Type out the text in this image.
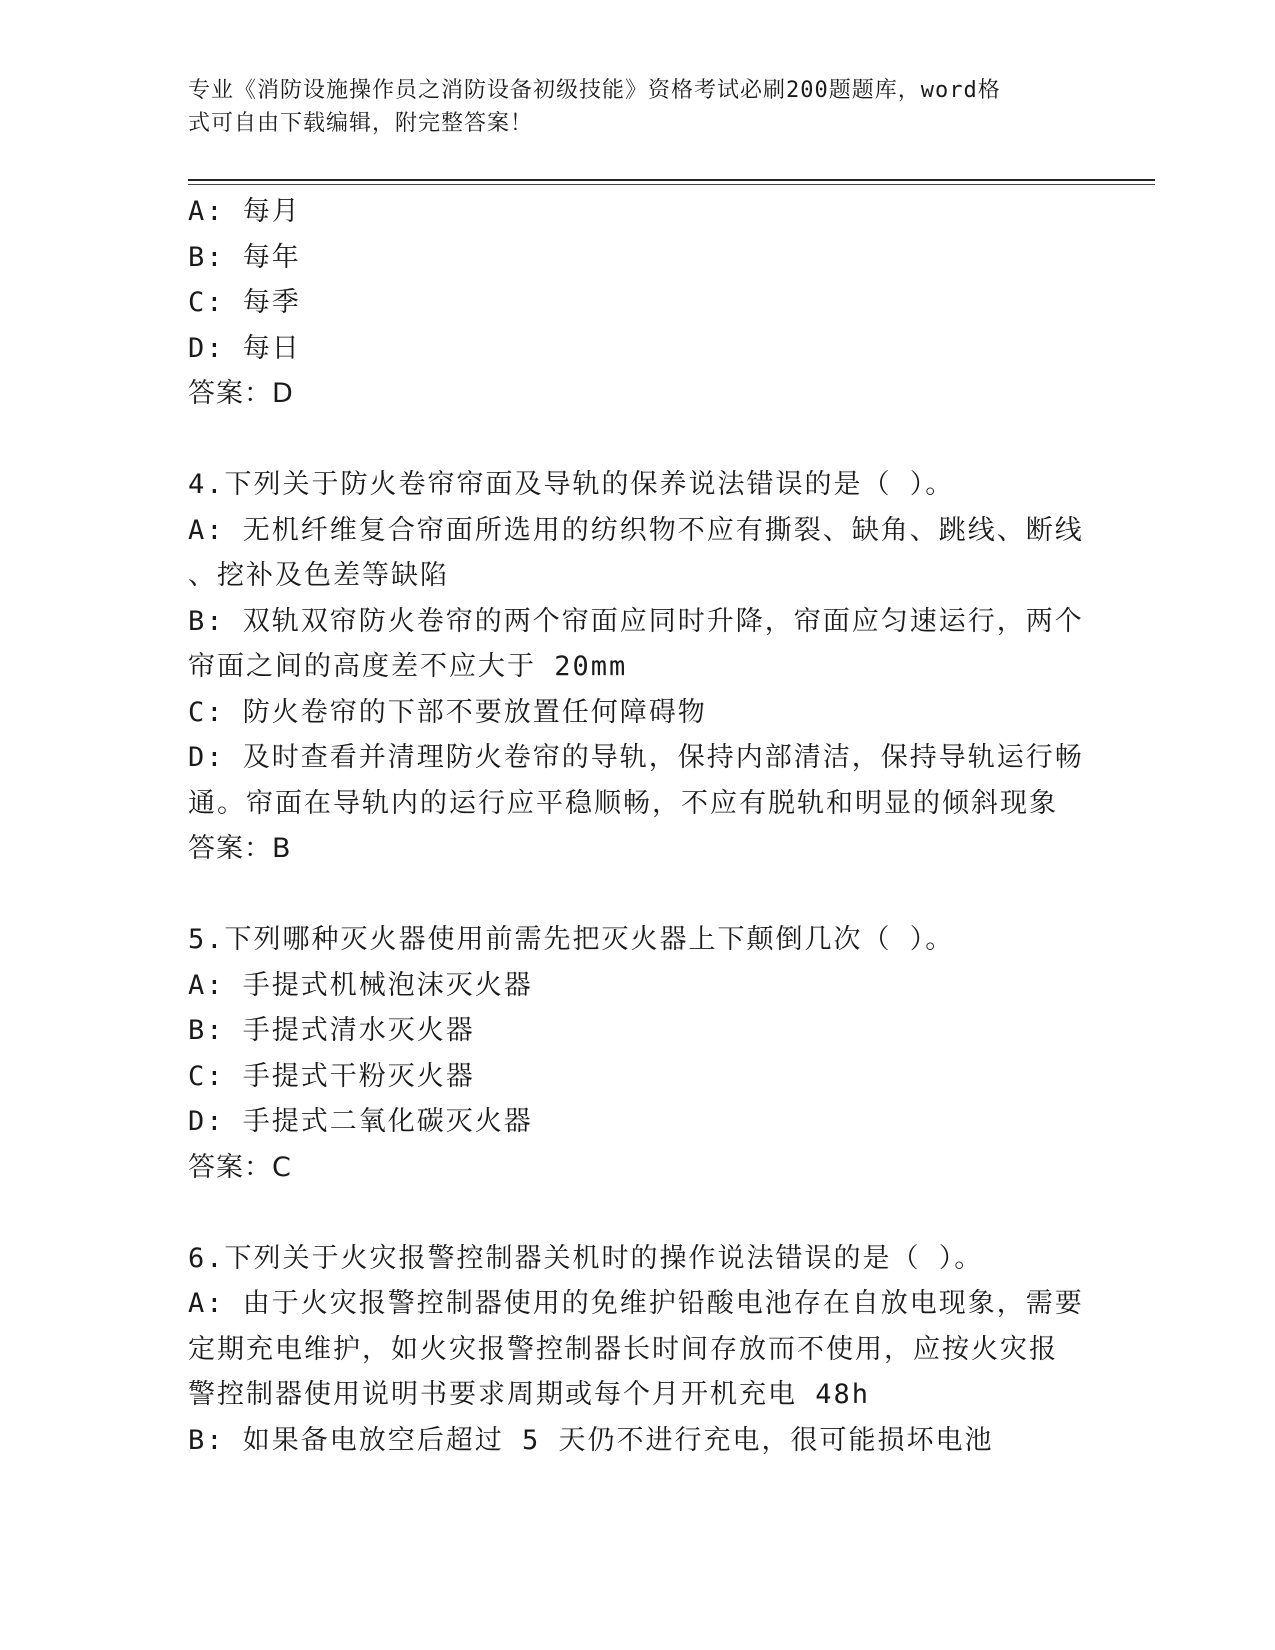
专业《消防设施操作员之消防设备初级技能》资格考试必刷200题题库，word格
式可自由下载编辑，附完整答案！
A: 每月
B: 每年
C: 每季
D: 每日
答案：D
4.下列关于防火卷帘帘面及导轨的保养说法错误的是（ ）。
A: 无机纤维复合帘面所选用的纺织物不应有撕裂、缺角、跳线、断线
、挖补及色差等缺陷
B: 双轨双帘防火卷帘的两个帘面应同时升降，帘面应匀速运行，两个
帘面之间的高度差不应大于 20mm
C: 防火卷帘的下部不要放置任何障碍物
D: 及时查看并清理防火卷帘的导轨，保持内部清洁，保持导轨运行畅
通。帘面在导轨内的运行应平稳顺畅，不应有脱轨和明显的倾斜现象
答案：B
5.下列哪种灭火器使用前需先把灭火器上下颠倒几次（ ）。
A: 手提式机械泡沫灭火器
B: 手提式清水灭火器
C: 手提式干粉灭火器
D: 手提式二氧化碳灭火器
答案：C
6.下列关于火灾报警控制器关机时的操作说法错误的是（ ）。
A: 由于火灾报警控制器使用的免维护铅酸电池存在自放电现象，需要
定期充电维护，如火灾报警控制器长时间存放而不使用，应按火灾报
警控制器使用说明书要求周期或每个月开机充电 48h
B: 如果备电放空后超过 5 天仍不进行充电，很可能损坏电池
